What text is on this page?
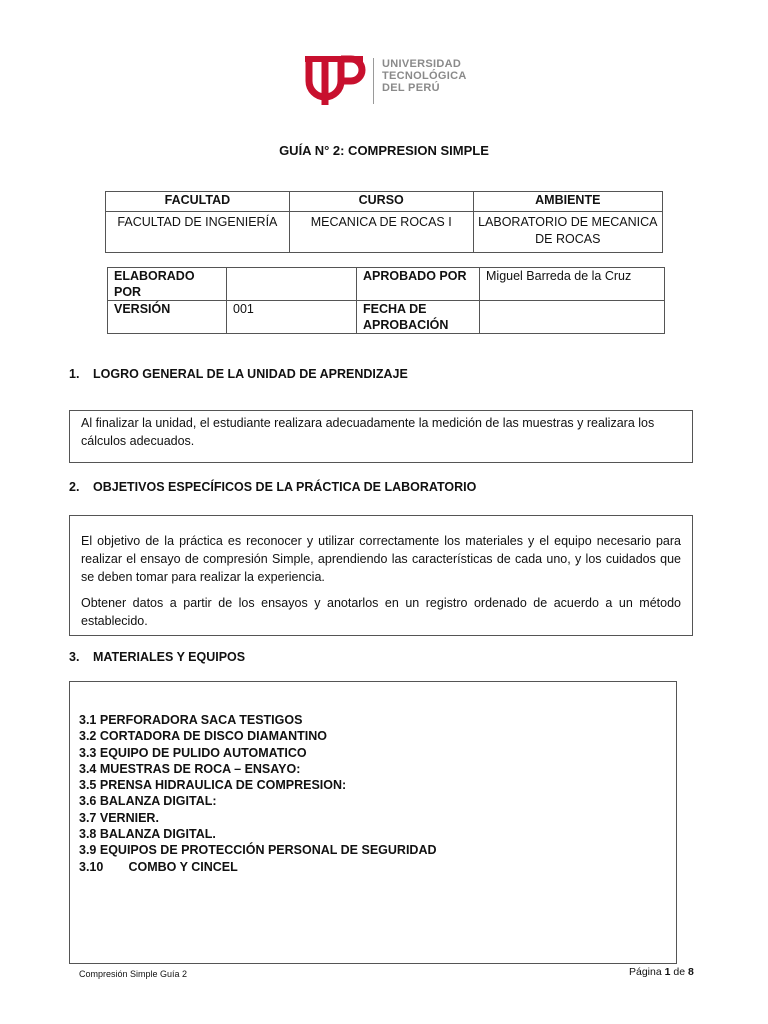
UNIVERSIDAD
TECNOLÓGICA
DEL PERÚ
GUÍA N° 2: COMPRESION SIMPLE
FACULTAD	CURSO	AMBIENTE
FACULTAD DE INGENIERÍA	MECANICA DE ROCAS I	LABORATORIO DE MECANICA DE ROCAS
ELABORADO POR		APROBADO POR	Miguel Barreda de la Cruz
VERSIÓN	001	FECHA DE APROBACIÓN	
1. LOGRO GENERAL DE LA UNIDAD DE APRENDIZAJE

Al finalizar la unidad, el estudiante realizara adecuadamente la medición de las muestras y realizara los cálculos adecuados.

2. OBJETIVOS ESPECÍFICOS DE LA PRÁCTICA DE LABORATORIO

El objetivo de la práctica es reconocer y utilizar correctamente los materiales y el equipo necesario para realizar el ensayo de compresión Simple, aprendiendo las características de cada uno, y los cuidados que se deben tomar para realizar la experiencia.

Obtener datos a partir de los ensayos y anotarlos en un registro ordenado de acuerdo a un método establecido.

3. MATERIALES Y EQUIPOS
3.1 PERFORADORA SACA TESTIGOS
3.2 CORTADORA DE DISCO DIAMANTINO
3.3 EQUIPO DE PULIDO AUTOMATICO
3.4 MUESTRAS DE ROCA – ENSAYO:
3.5 PRENSA HIDRAULICA DE COMPRESION:
3.6 BALANZA DIGITAL:
3.7 VERNIER.
3.8 BALANZA DIGITAL.
3.9 EQUIPOS DE PROTECCIÓN PERSONAL DE SEGURIDAD
3.10 COMBO Y CINCEL
Compresión Simple Guía 2	Página 1 de 8
